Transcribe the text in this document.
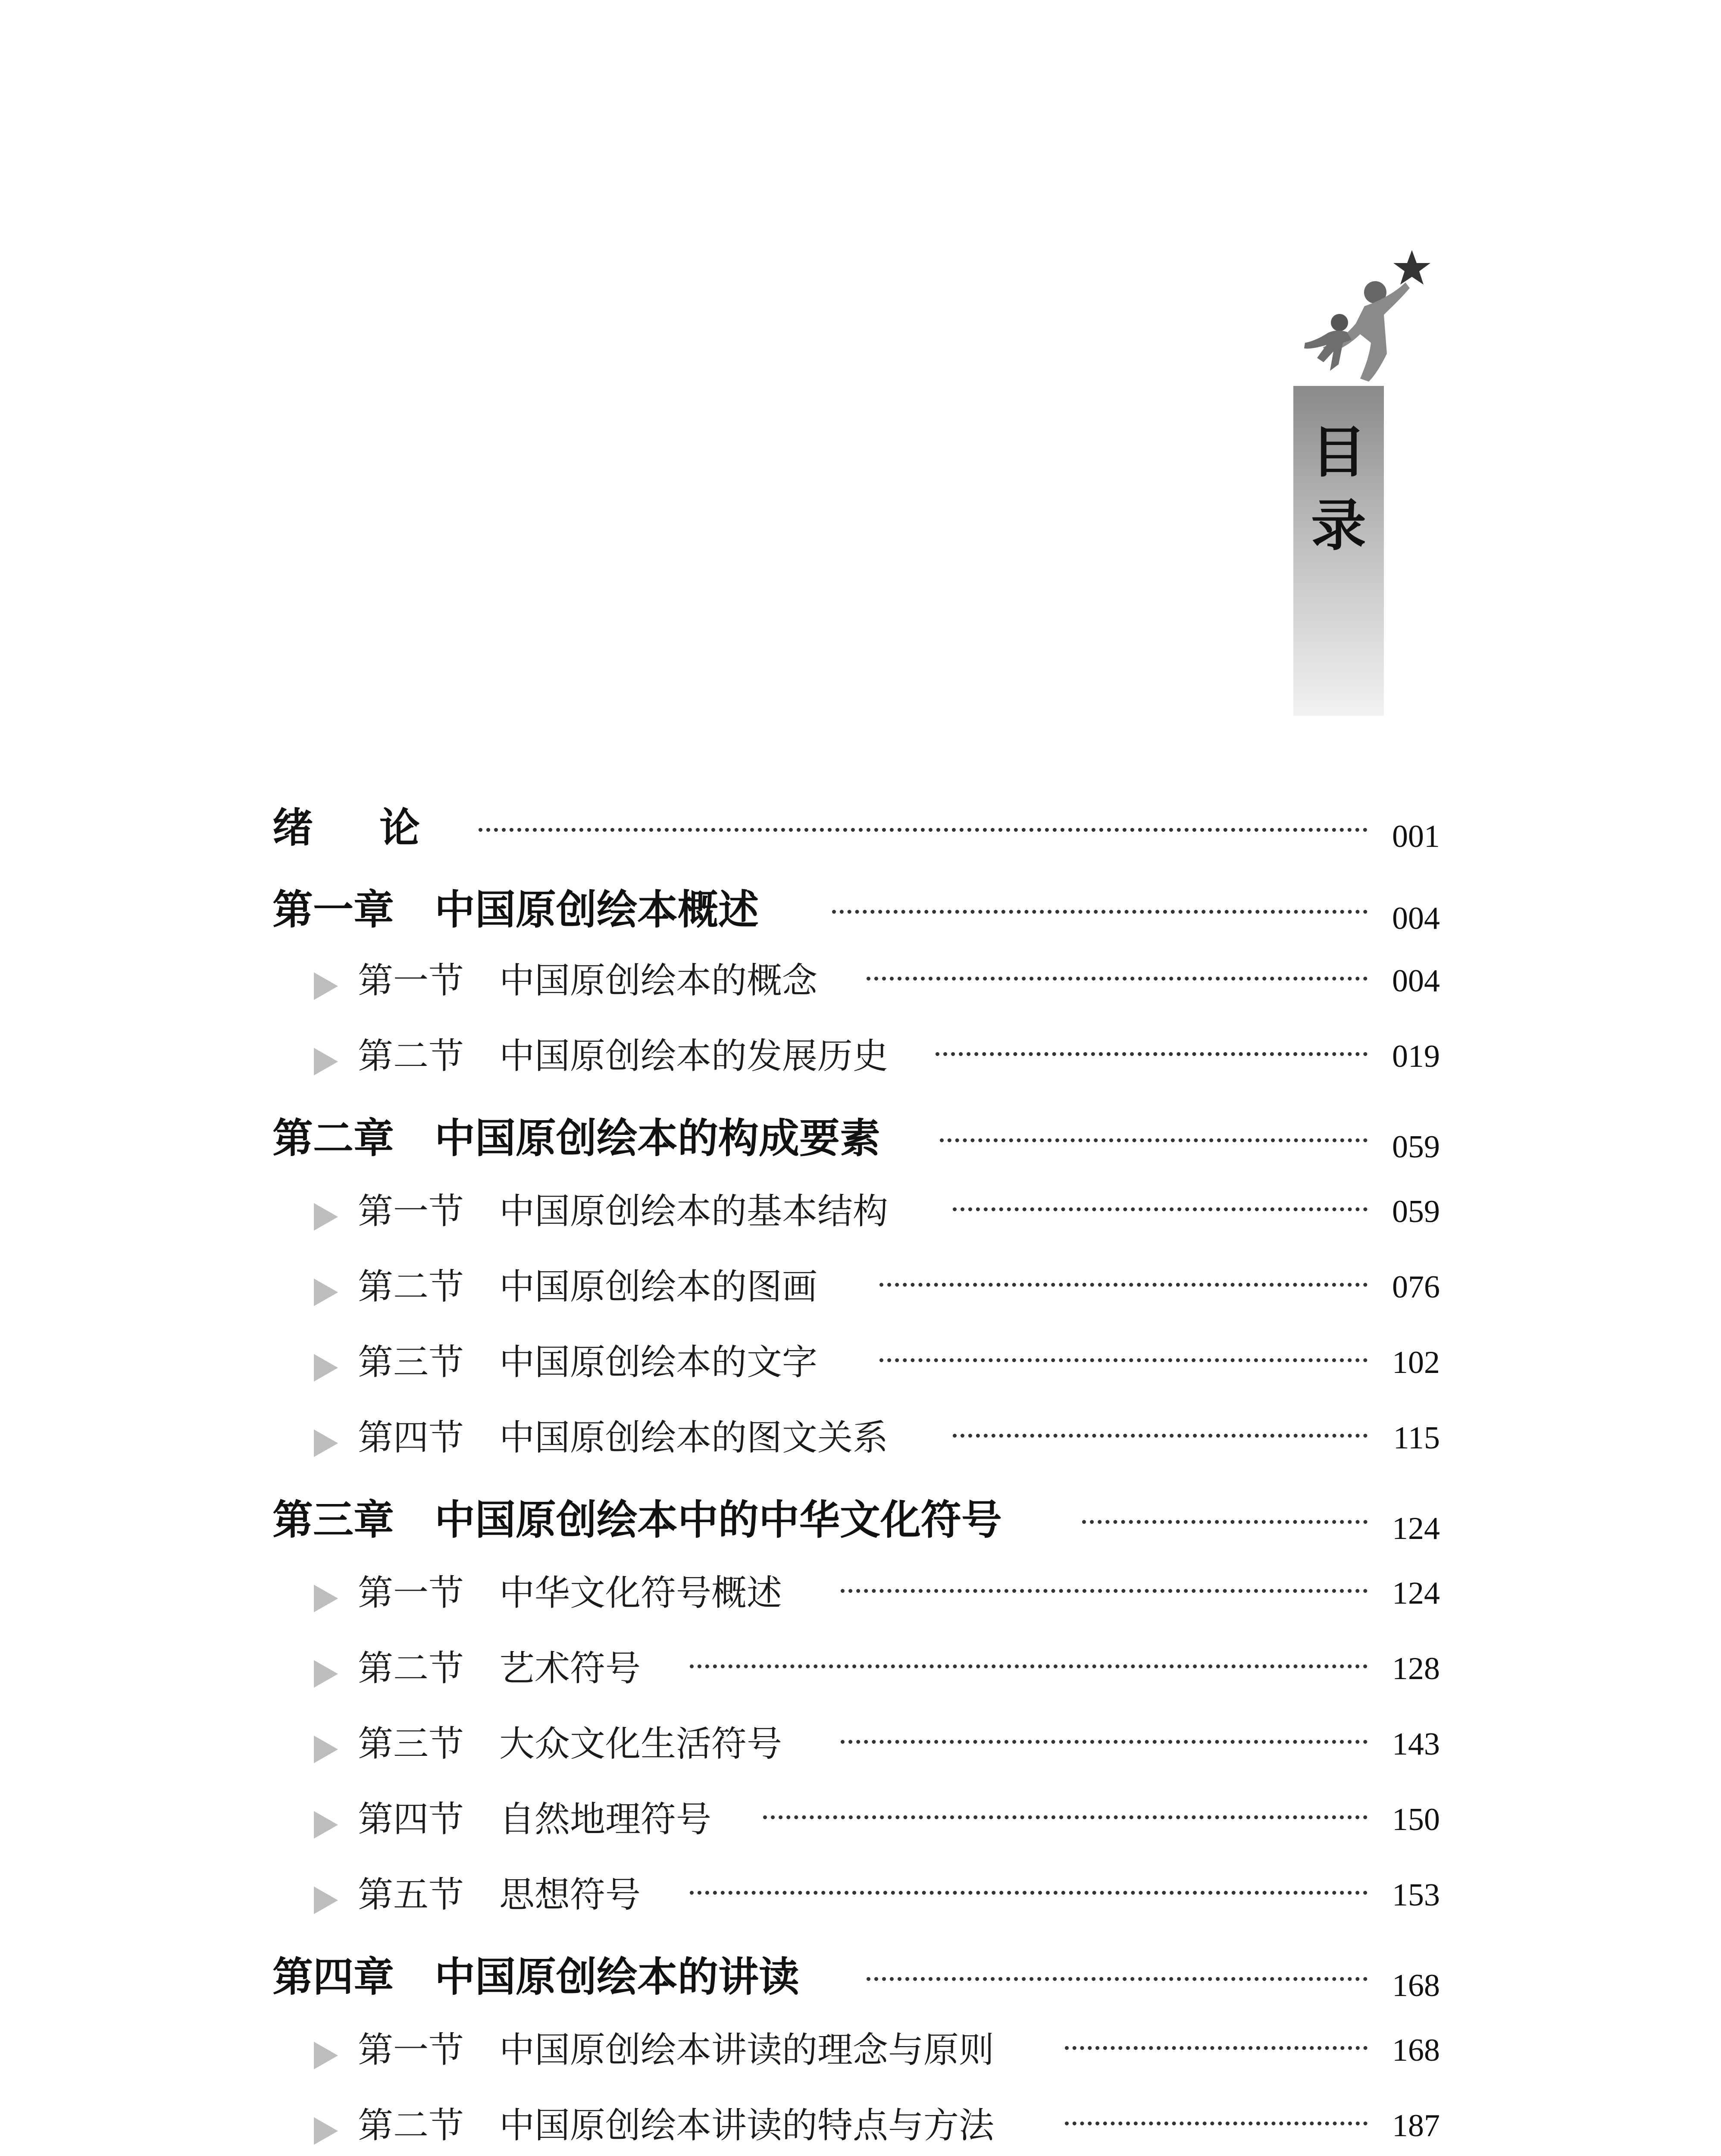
目
录
绪　论	001
第一章　中国原创绘本概述	004
第一节　中国原创绘本的概念	004
第二节　中国原创绘本的发展历史	019
第二章　中国原创绘本的构成要素	059
第一节　中国原创绘本的基本结构	059
第二节　中国原创绘本的图画	076
第三节　中国原创绘本的文字	102
第四节　中国原创绘本的图文关系	115
第三章　中国原创绘本中的中华文化符号	124
第一节　中华文化符号概述	124
第二节　艺术符号	128
第三节　大众文化生活符号	143
第四节　自然地理符号	150
第五节　思想符号	153
第四章　中国原创绘本的讲读	168
第一节　中国原创绘本讲读的理念与原则	168
第二节　中国原创绘本讲读的特点与方法	187
